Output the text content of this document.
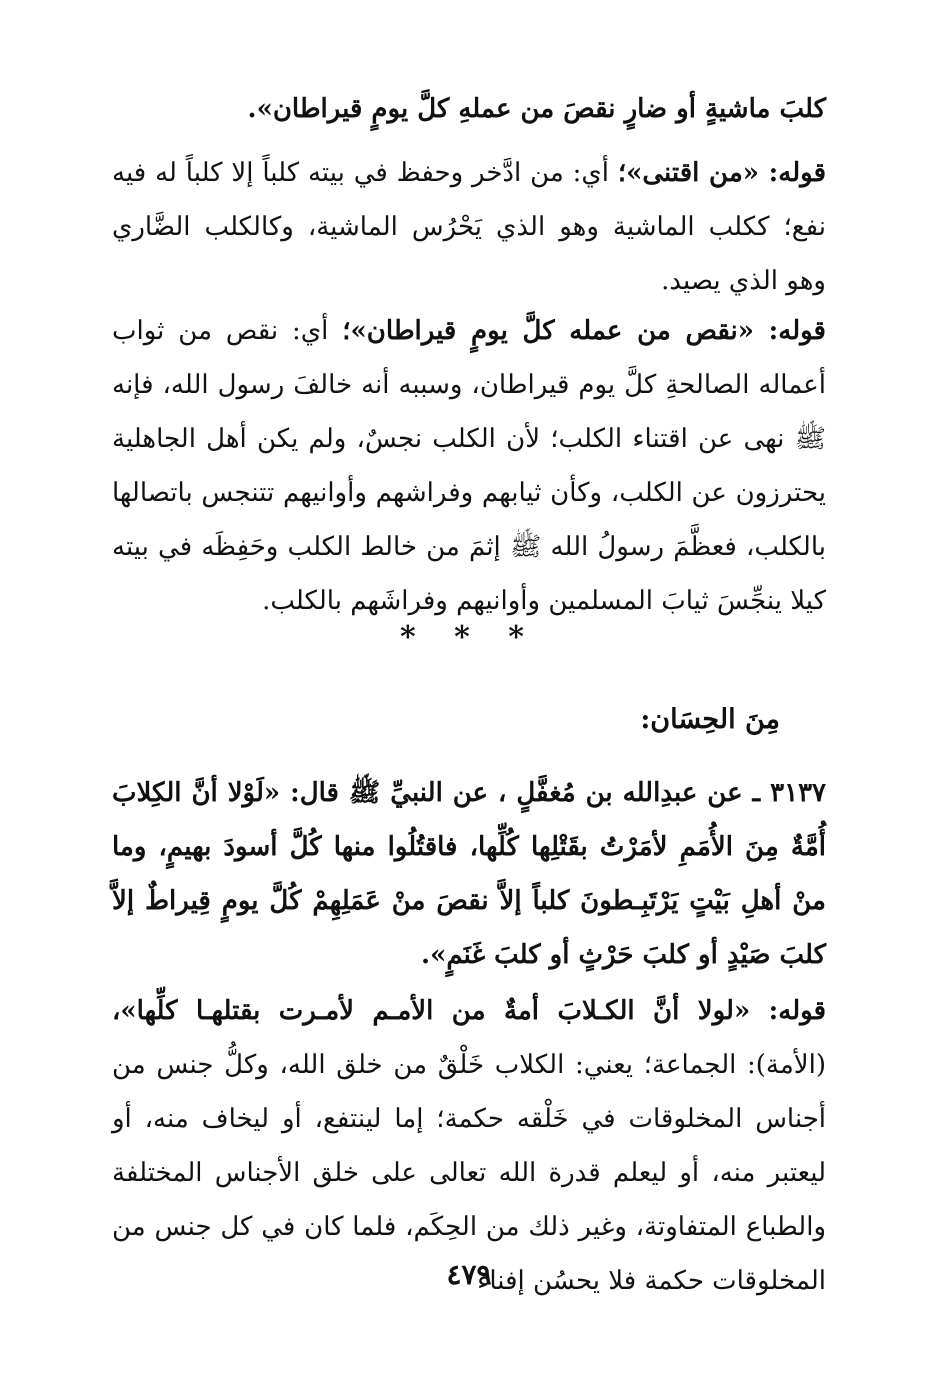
كلبَ ماشيةٍ أو ضارٍ نقصَ من عملهِ كلَّ يومٍ قيراطان».

قوله: «من اقتنى»؛ أي: من ادَّخر وحفظ في بيته كلباً إلا كلباً له فيه نفع؛ ككلب الماشية وهو الذي يَحْرُس الماشية، وكالكلب الضَّاري وهو الذي يصيد.

قوله: «نقص من عمله كلَّ يومٍ قيراطان»؛ أي: نقص من ثواب أعماله الصالحةِ كلَّ يوم قيراطان، وسببه أنه خالفَ رسول الله، فإنه ﷺ نهى عن اقتناء الكلب؛ لأن الكلب نجسٌ، ولم يكن أهل الجاهلية يحترزون عن الكلب، وكأن ثيابهم وفراشهم وأوانيهم تتنجس باتصالها بالكلب، فعظَّمَ رسولُ الله ﷺ إثمَ من خالط الكلب وحَفِظَه في بيته كيلا ينجِّسَ ثيابَ المسلمين وأوانيهم وفراشَهم بالكلب.

* * *

مِنَ الحِسَان:

٣١٣٧ ـ عن عبدِالله بن مُغفَّلٍ ، عن النبيِّ ﷺ قال: «لَوْلا أنَّ الكِلابَ أُمَّةٌ مِنَ الأُمَمِ لأمَرْتُ بقَتْلِها كُلِّها، فاقتُلُوا منها كُلَّ أسودَ بهيمٍ، وما منْ أهلِ بَيْتٍ يَرْتَبِـطونَ كلباً إلاَّ نقصَ منْ عَمَلِهِمْ كُلَّ يومٍ قِيراطٌ إلاَّ كلبَ صَيْدٍ أو كلبَ حَرْثٍ أو كلبَ غَنَمٍ».

قوله: «لولا أنَّ الكـلابَ أمةٌ من الأمـم لأمـرت بقتلهـا كلِّها»، (الأمة): الجماعة؛ يعني: الكلاب خَلْقٌ من خلق الله، وكلُّ جنس من أجناس المخلوقات في خَلْقه حكمة؛ إما لينتفع، أو ليخاف منه، أو ليعتبر منه، أو ليعلم قدرة الله تعالى على خلق الأجناس المختلفة والطباع المتفاوتة، وغير ذلك من الحِكَم، فلما كان في كل جنس من المخلوقات حكمة فلا يحسُن إفناء

٤٧٩
